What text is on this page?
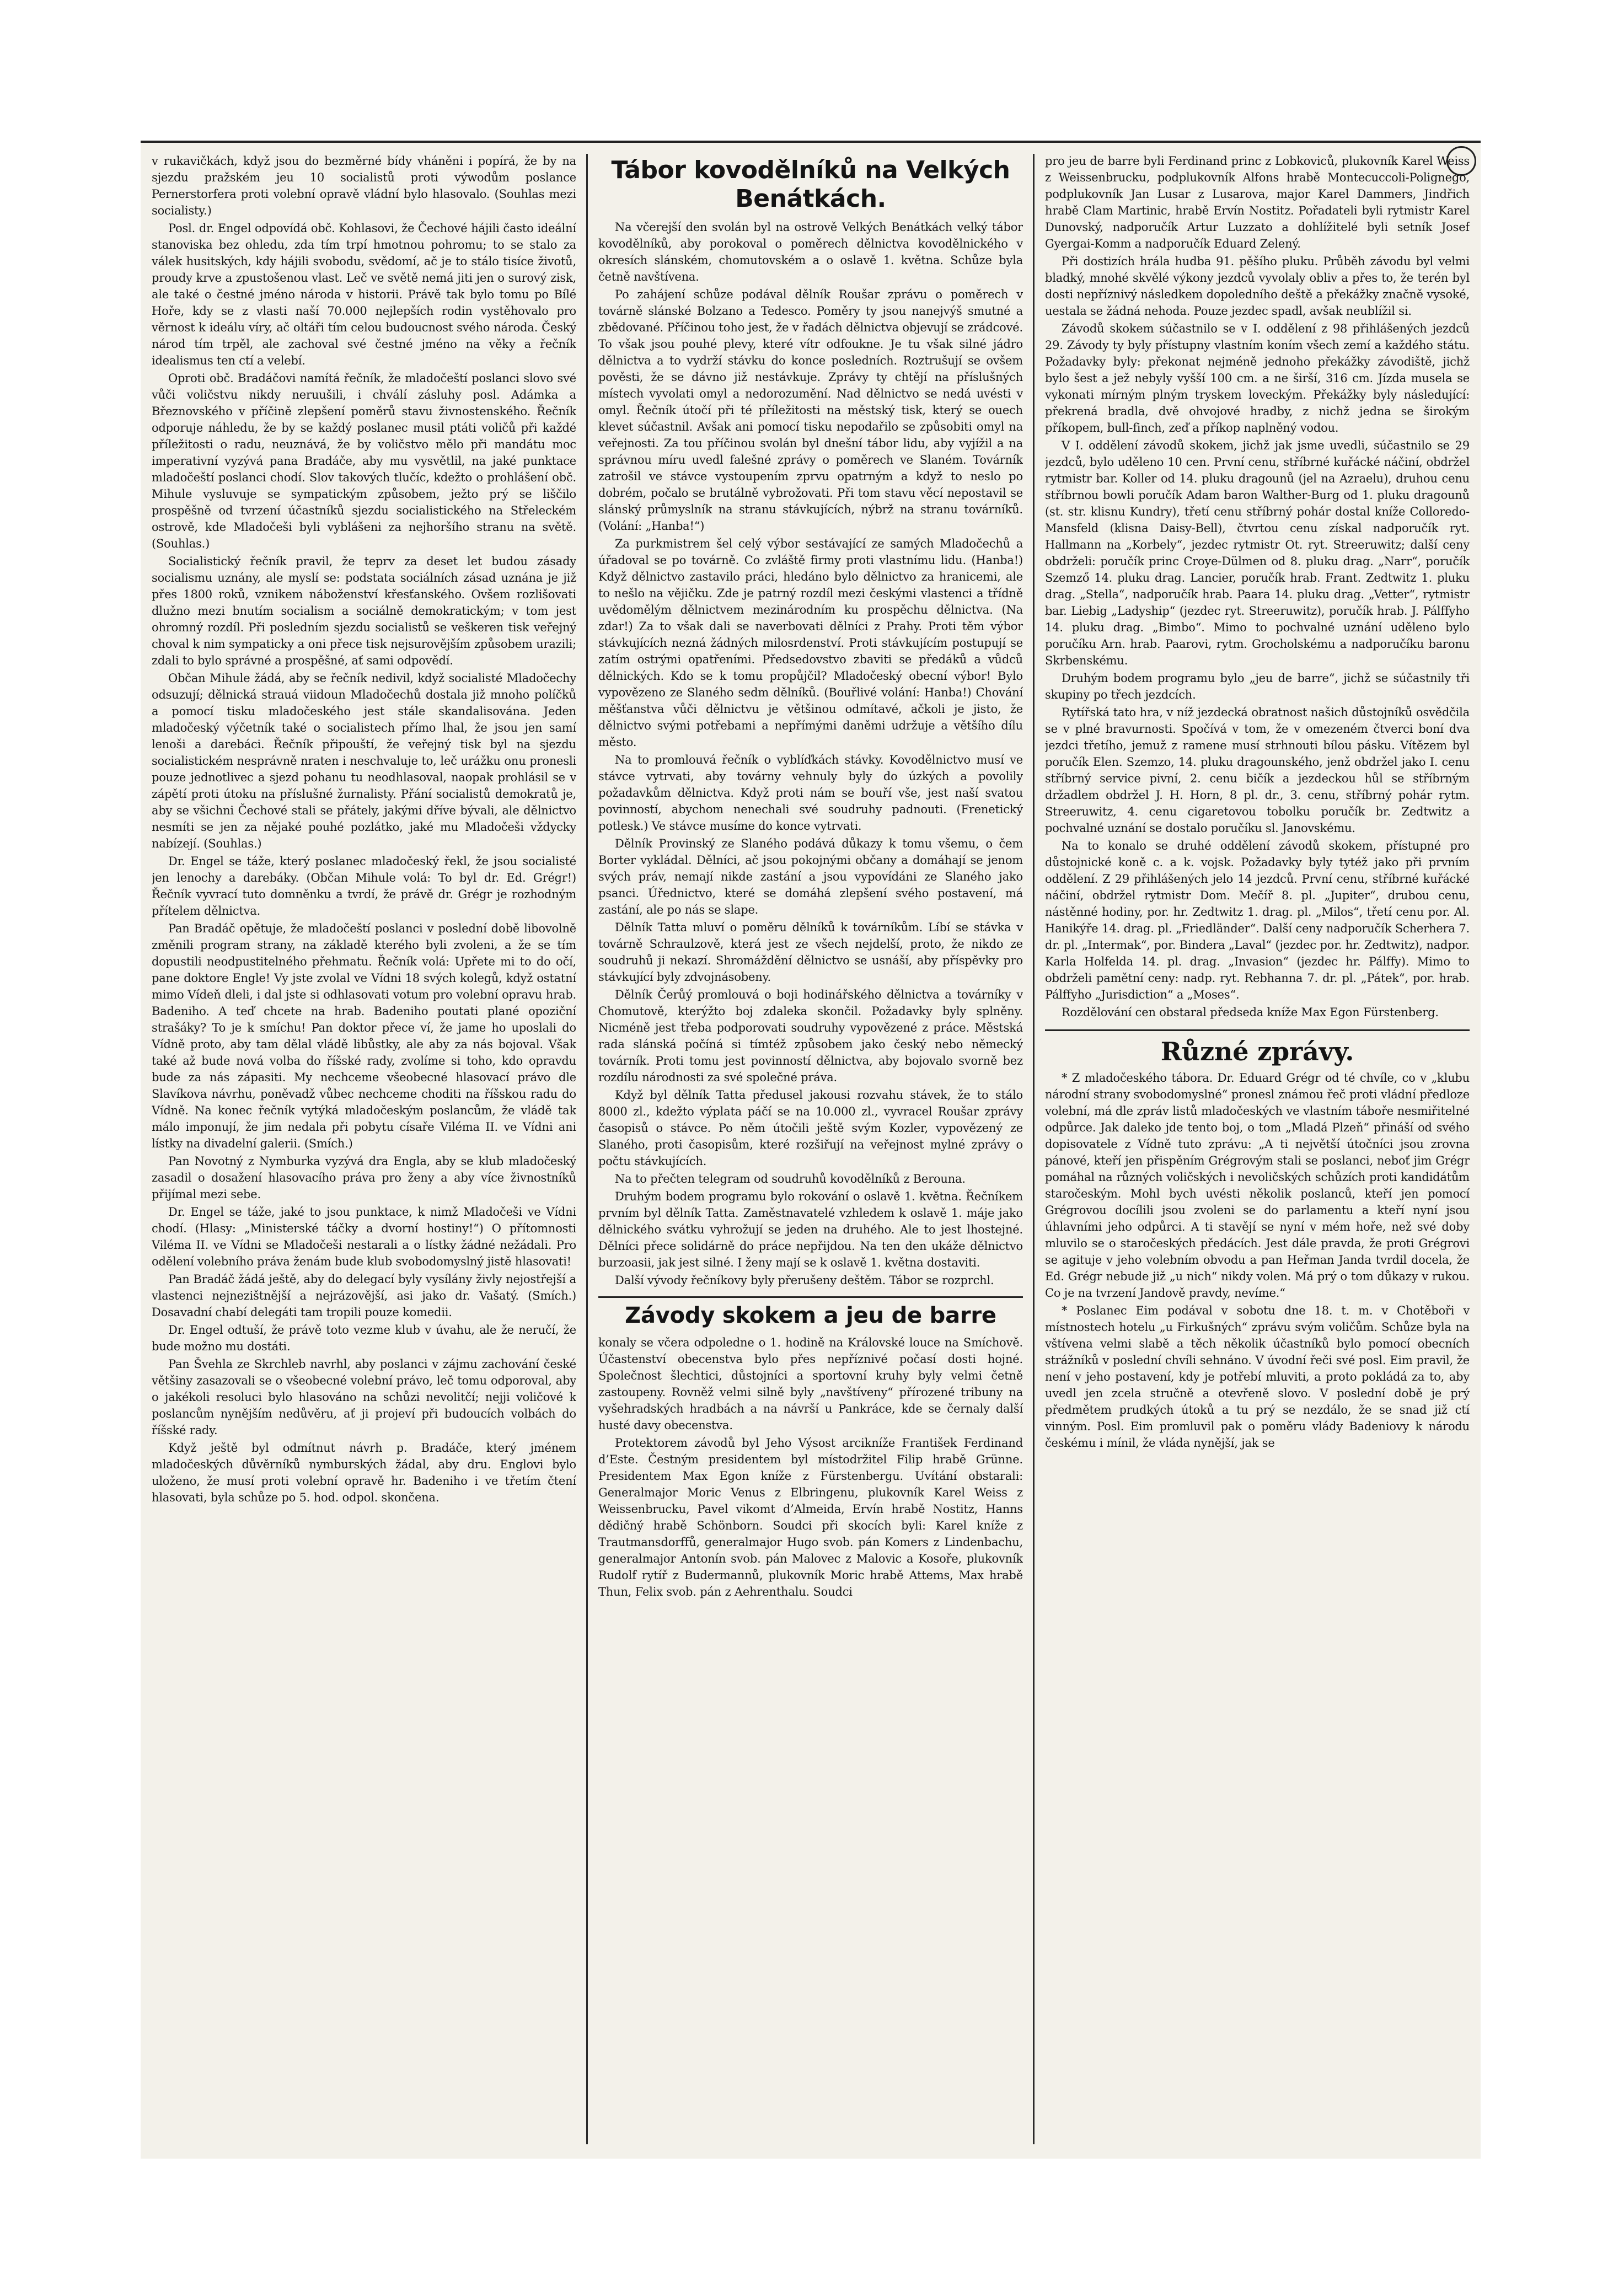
v rukavičkách, když jsou do bezměrné bídy vháněni i popírá, že by na sjezdu pražském jeu 10 socialistů proti výwodům poslance Pernerstorfera proti volební opravě vládní bylo hlasovalo. (Souhlas mezi socialisty.)

Posl. dr. Engel odpovídá obč. Kohlasovi, že Čechové hájili často ideální stanoviska bez ohledu, zda tím trpí hmotnou pohromu; to se stalo za válek husitských, kdy hájili svobodu, svědomí, ač je to stálo tisíce životů, proudy krve a zpustošenou vlast. Leč ve světě nemá jiti jen o surový zisk, ale také o čestné jméno národa v historii. Právě tak bylo tomu po Bílé Hoře, kdy se z vlasti naší 70.000 nejlepších rodin vystěhovalo pro věrnost k ideálu víry, ač oltáři tím celou budoucnost svého národa. Český národ tím trpěl, ale zachoval své čestné jméno na věky a řečník idealismus ten ctí a velebí.

Oproti obč. Bradáčovi namítá řečník, že mladočeští poslanci slovo své vůči voličstvu nikdy neruušili, i chválí zásluhy posl. Adámka a Březnovského v příčině zlepšení poměrů stavu živnostenského. Řečník odporuje náhledu, že by se každý poslanec musil ptáti voličů při každé příležitosti o radu, neuznává, že by voličstvo mělo při mandátu moc imperativní vyzývá pana Bradáče, aby mu vysvětlil, na jaké punktace mladočeští poslanci chodí. Slov takových tlučíc, kdežto o prohlášení obč. Mihule vysluvuje se sympatickým způsobem, ježto prý se liščilo prospěšně od tvrzení účastníků sjezdu socialistického na Střeleckém ostrově, kde Mladočeši byli vyblášeni za nejhoršího stranu na světě. (Souhlas.)

Socialistický řečník pravil, že teprv za deset let budou zásady socialismu uznány, ale myslí se: podstata sociálních zásad uznána je již přes 1800 roků, vznikem náboženství křesťanského. Ovšem rozlišovati dlužno mezi bnutím socialism a sociálně demokratickým; v tom jest ohromný rozdíl. Při posledním sjezdu socialistů se veškeren tisk veřejný choval k nim sympaticky a oni přece tisk nejsurovějším způsobem urazili; zdali to bylo správné a prospěšné, ať sami odpovědí.

Občan Mihule žádá, aby se řečník nedivil, když socialisté Mladočechy odsuzují; dělnická strauá viidoun Mladočechů dostala již mnoho políčků a pomocí tisku mladočeského jest stále skandalisována. Jeden mladočeský výčetník také o socialistech přímo lhal, že jsou jen samí lenoši a darebáci. Řečník připouští, že veřejný tisk byl na sjezdu socialistickém nesprávně nraten i neschvaluje to, leč urážku onu pronesli pouze jednotlivec a sjezd pohanu tu neodhlasoval, naopak prohlásil se v zápětí proti útoku na příslušné žurnalisty. Přání socialistů demokratů je, aby se všichni Čechové stali se přátely, jakými dříve bývali, ale dělnictvo nesmíti se jen za nějaké pouhé pozlátko, jaké mu Mladočeši vždycky nabízejí. (Souhlas.)

Dr. Engel se táže, který poslanec mladočeský řekl, že jsou socialisté jen lenochy a darebáky. (Občan Mihule volá: To byl dr. Ed. Grégr!) Řečník vyvrací tuto domněnku a tvrdí, že právě dr. Grégr je rozhodným přítelem dělnictva.

Pan Bradáč opětuje, že mladočeští poslanci v poslední době libovolně změnili program strany, na základě kterého byli zvoleni, a že se tím dopustili neodpustitelného přehmatu. Řečník volá: Upřete mi to do očí, pane doktore Engle! Vy jste zvolal ve Vídni 18 svých kolegů, když ostatní mimo Vídeň dleli, i dal jste si odhlasovati votum pro volební opravu hrab. Badeniho. A teď chcete na hrab. Badeniho poutati plané opoziční strašáky? To je k smíchu! Pan doktor přece ví, že jame ho uposlali do Vídně proto, aby tam dělal vládě libůstky, ale aby za nás bojoval. Však také až bude nová volba do říšské rady, zvolíme si toho, kdo opravdu bude za nás zápasiti. My nechceme všeobecné hlasovací právo dle Slavíkova návrhu, poněvadž vůbec nechceme choditi na říšskou radu do Vídně. Na konec řečník vytýká mladočeským poslancům, že vládě tak málo imponují, že jim nedala při pobytu císaře Viléma II. ve Vídni ani lístky na divadelní galerii. (Smích.)

Pan Novotný z Nymburka vyzývá dra Engla, aby se klub mladočeský zasadil o dosažení hlasovacího práva pro ženy a aby více živnostníků přijímal mezi sebe.

Dr. Engel se táže, jaké to jsou punktace, k nimž Mladočeši ve Vídni chodí. (Hlasy: „Ministerské táčky a dvorní hostiny!“) O přítomnosti Viléma II. ve Vídni se Mladočeši nestarali a o lístky žádné nežádali. Pro odělení volebního práva ženám bude klub svobodomyslný jistě hlasovati!

Pan Bradáč žádá ještě, aby do delegací byly vysílány živly nejostřejší a vlastenci nejnezištnější a nejrázovější, asi jako dr. Vašatý. (Smích.) Dosavadní chabí delegáti tam tropili pouze komedii.

Dr. Engel odtuší, že právě toto vezme klub v úvahu, ale že neručí, že bude možno mu dostáti.

Pan Švehla ze Skrchleb navrhl, aby poslanci v zájmu zachování české většiny zasazovali se o všeobecné volební právo, leč tomu odporoval, aby o jakékoli resoluci bylo hlasováno na schůzi nevolitčí; nejji voličové k poslancům nynějším nedůvěru, ať ji projeví při budoucích volbách do říšské rady.

Když ještě byl odmítnut návrh p. Bradáče, který jménem mladočeských důvěrníků nymburských žádal, aby dru. Englovi bylo uloženo, že musí proti volební opravě hr. Badeniho i ve třetím čtení hlasovati, byla schůze po 5. hod. odpol. skončena.

Tábor kovodělníků na Velkých Benátkách.

Na včerejší den svolán byl na ostrově Velkých Benátkách velký tábor kovodělníků, aby porokoval o poměrech dělnictva kovodělnického v okresích slánském, chomutovském a o oslavě 1. května. Schůze byla četně navštívena.

Po zahájení schůze podával dělník Roušar zprávu o poměrech v továrně slánské Bolzano a Tedesco. Poměry ty jsou nanejvýš smutné a zbědované. Příčinou toho jest, že v řadách dělnictva objevují se zrádcové. To však jsou pouhé plevy, které vítr odfoukne. Je tu však silné jádro dělnictva a to vydrží stávku do konce posledních. Roztrušují se ovšem pověsti, že se dávno již nestávkuje. Zprávy ty chtějí na příslušných místech vyvolati omyl a nedorozumění. Nad dělnictvo se nedá uvésti v omyl. Řečník útočí při té příležitosti na městský tisk, který se ouech klevet súčastnil. Avšak ani pomocí tisku nepodařilo se způsobiti omyl na veřejnosti. Za tou příčinou svolán byl dnešní tábor lidu, aby vyjížil a na správnou míru uvedl falešné zprávy o poměrech ve Slaném. Továrník zatrošil ve stávce vystoupením zprvu opatrným a když to neslo po dobrém, počalo se brutálně vybrožovati. Při tom stavu věcí nepostavil se slánský průmyslník na stranu stávkujících, nýbrž na stranu továrníků. (Volání: „Hanba!“)

Za purkmistrem šel celý výbor sestávající ze samých Mladočechů a úřadoval se po továrně. Co zvláště firmy proti vlastnímu lidu. (Hanba!) Když dělnictvo zastavilo práci, hledáno bylo dělnictvo za hranicemi, ale to nešlo na vějičku. Zde je patrný rozdíl mezi českými vlastenci a třídně uvědomělým dělnictvem mezinárodním ku prospěchu dělnictva. (Na zdar!) Za to však dali se naverbovati dělníci z Prahy. Proti těm výbor stávkujících nezná žádných milosrdenství. Proti stávkujícím postupují se zatím ostrými opatřeními. Předsedovstvo zbaviti se předáků a vůdců dělnických. Kdo se k tomu propůjčil? Mladočeský obecní výbor! Bylo vypovězeno ze Slaného sedm dělníků. (Bouřlivé volání: Hanba!) Chování měšťanstva vůči dělnictvu je většinou odmítavé, ačkoli je jisto, že dělnictvo svými potřebami a nepřímými daněmi udržuje a většího dílu město.

Na to promlouvá řečník o vyblíďkách stávky. Kovodělnictvo musí ve stávce vytrvati, aby továrny vehnuly byly do úzkých a povolily požadavkům dělnictva. Když proti nám se bouří vše, jest naší svatou povinností, abychom nenechali své soudruhy padnouti. (Frenetický potlesk.) Ve stávce musíme do konce vytrvati.

Dělník Provinský ze Slaného podává důkazy k tomu všemu, o čem Borter vykládal. Dělníci, ač jsou pokojnými občany a domáhají se jenom svých práv, nemají nikde zastání a jsou vypovídáni ze Slaného jako psanci. Úřednictvo, které se domáhá zlepšení svého postavení, má zastání, ale po nás se slape.

Dělník Tatta mluví o poměru dělníků k továrníkům. Líbí se stávka v továrně Schraulzově, která jest ze všech nejdelší, proto, že nikdo ze soudruhů ji nekazí. Shromáždění dělnictvo se usnáší, aby příspěvky pro stávkující byly zdvojnásobeny.

Dělník Čerůý promlouvá o boji hodinářského dělnictva a továrníky v Chomutově, kterýžto boj zdaleka skončil. Požadavky byly splněny. Nicméně jest třeba podporovati soudruhy vypovězené z práce. Městská rada slánská počíná si tímtéž způsobem jako český nebo německý továrník. Proti tomu jest povinností dělnictva, aby bojovalo svorně bez rozdílu národnosti za své společné práva.

Když byl dělník Tatta předusel jakousi rozvahu stávek, že to stálo 8000 zl., kdežto výplata páčí se na 10.000 zl., vyvracel Roušar zprávy časopisů o stávce. Po něm útočili ještě svým Kozler, vypovězený ze Slaného, proti časopisům, které rozšiřují na veřejnost mylné zprávy o počtu stávkujících.

Na to přečten telegram od soudruhů kovodělníků z Berouna.

Druhým bodem programu bylo rokování o oslavě 1. května. Řečníkem prvním byl dělník Tatta. Zaměstnavatelé vzhledem k oslavě 1. máje jako dělnického svátku vyhrožují se jeden na druhého. Ale to jest lhostejné. Dělníci přece solidárně do práce nepřijdou. Na ten den ukáže dělnictvo burzoasii, jak jest silné. I ženy mají se k oslavě 1. května dostaviti.

Další vývody řečníkovy byly přerušeny deštěm. Tábor se rozprchl.

Závody skokem a jeu de barre

konaly se včera odpoledne o 1. hodině na Královské louce na Smíchově. Účastenství obecenstva bylo přes nepříznivé počasí dosti hojné. Společnost šlechtici, důstojníci a sportovní kruhy byly velmi četně zastoupeny. Rovněž velmi silně byly „navštíveny“ přírozené tribuny na vyšehradských hradbách a na návrší u Pankráce, kde se černaly další husté davy obecenstva.

Protektorem závodů byl Jeho Výsost arcikníže František Ferdinand d’Este. Čestným presidentem byl místodržitel Filip hrabě Grünne. Presidentem Max Egon kníže z Fürstenbergu. Uvítání obstarali: Generalmajor Moric Venus z Elbringenu, plukovník Karel Weiss z Weissenbrucku, Pavel vikomt d’Almeida, Ervín hrabě Nostitz, Hanns dědičný hrabě Schönborn. Soudci při skocích byli: Karel kníže z Trautmansdorffů, generalmajor Hugo svob. pán Komers z Lindenbachu, generalmajor Antonín svob. pán Malovec z Malovic a Kosoře, plukovník Rudolf rytíř z Budermannů, plukovník Moric hrabě Attems, Max hrabě Thun, Felix svob. pán z Aehrenthalu. Soudci

pro jeu de barre byli Ferdinand princ z Lobkoviců, plukovník Karel Weiss z Weissenbrucku, podplukovník Alfons hrabě Montecuccoli-Polignego, podplukovník Jan Lusar z Lusarova, major Karel Dammers, Jindřich hrabě Clam Martinic, hrabě Ervín Nostitz. Pořadateli byli rytmistr Karel Dunovský, nadporučík Artur Luzzato a dohlížitelé byli setník Josef Gyergai-Komm a nadporučík Eduard Zelený.

Při dostizích hrála hudba 91. pěšího pluku. Průběh závodu byl velmi bladký, mnohé skvělé výkony jezdců vyvolaly obliv a přes to, že terén byl dosti nepříznivý následkem dopoledního deště a překážky značně vysoké, uestala se žádná nehoda. Pouze jezdec spadl, avšak neublížil si.

Závodů skokem súčastnilo se v I. oddělení z 98 přihlášených jezdců 29. Závody ty byly přístupny vlastním koním všech zemí a každého státu. Požadavky byly: překonat nejméně jednoho překážky závodiště, jichž bylo šest a jež nebyly vyšší 100 cm. a ne širší, 316 cm. Jízda musela se vykonati mírným plným tryskem loveckým. Překážky byly následující: překrená bradla, dvě ohvojové hradby, z nichž jedna se širokým příkopem, bull-finch, zeď a příkop naplněný vodou.

V I. oddělení závodů skokem, jichž jak jsme uvedli, súčastnilo se 29 jezdců, bylo uděleno 10 cen. První cenu, stříbrné kuřácké náčiní, obdržel rytmistr bar. Koller od 14. pluku dragounů (jel na Azraelu), druhou cenu stříbrnou bowli poručík Adam baron Walther-Burg od 1. pluku dragounů (st. str. klisnu Kundry), třetí cenu stříbrný pohár dostal kníže Colloredo-Mansfeld (klisna Daisy-Bell), čtvrtou cenu získal nadporučík ryt. Hallmann na „Korbely“, jezdec rytmistr Ot. ryt. Streeruwitz; další ceny obdrželi: poručík princ Croye-Dülmen od 8. pluku drag. „Narr“, poručík Szemző 14. pluku drag. Lancier, poručík hrab. Frant. Zedtwitz 1. pluku drag. „Stella“, nadporučík hrab. Paara 14. pluku drag. „Vetter“, rytmistr bar. Liebig „Ladyship“ (jezdec ryt. Streeruwitz), poručík hrab. J. Pálffyho 14. pluku drag. „Bimbo“. Mimo to pochvalné uznání uděleno bylo poručíku Arn. hrab. Paarovi, rytm. Grocholskému a nadporučíku baronu Skrbenskému.

Druhým bodem programu bylo „jeu de barre“, jichž se súčastnily tři skupiny po třech jezdcích.

Rytířská tato hra, v níž jezdecká obratnost našich důstojníků osvědčila se v plné bravurnosti. Spočívá v tom, že v omezeném čtverci boní dva jezdci třetího, jemuž z ramene musí strhnouti bílou pásku. Vítězem byl poručík Elen. Szemzo, 14. pluku dragounského, jenž obdržel jako I. cenu stříbrný service pivní, 2. cenu bičík a jezdeckou hůl se stříbrným držadlem obdržel J. H. Horn, 8 pl. dr., 3. cenu, stříbrný pohár rytm. Streeruwitz, 4. cenu cigaretovou tobolku poručík br. Zedtwitz a pochvalné uznání se dostalo poručíku sl. Janovskému.

Na to konalo se druhé oddělení závodů skokem, přístupné pro důstojnické koně c. a k. vojsk. Požadavky byly tytéž jako při prvním oddělení. Z 29 přihlášených jelo 14 jezdců. První cenu, stříbrné kuřácké náčiní, obdržel rytmistr Dom. Mečíř 8. pl. „Jupiter“, drubou cenu, nástěnné hodiny, por. hr. Zedtwitz 1. drag. pl. „Milos“, třetí cenu por. Al. Hanikýře 14. drag. pl. „Friedländer“. Další ceny nadporučík Scherhera 7. dr. pl. „Intermak“, por. Bindera „Laval“ (jezdec por. hr. Zedtwitz), nadpor. Karla Holfelda 14. pl. drag. „Invasion“ (jezdec hr. Pálffy). Mimo to obdrželi pamětní ceny: nadp. ryt. Rebhanna 7. dr. pl. „Pátek“, por. hrab. Pálffyho „Jurisdiction“ a „Moses“.

Rozdělování cen obstaral předseda kníže Max Egon Fürstenberg.

Různé zprávy.

* Z mladočeského tábora. Dr. Eduard Grégr od té chvíle, co v „klubu národní strany svobodomyslné“ pronesl známou řeč proti vládní předloze volební, má dle zpráv listů mladočeských ve vlastním táboře nesmiřitelné odpůrce. Jak daleko jde tento boj, o tom „Mladá Plzeň“ přináší od svého dopisovatele z Vídně tuto zprávu: „A ti největší útočníci jsou zrovna pánové, kteří jen přispěním Grégrovým stali se poslanci, neboť jim Grégr pomáhal na různých voličských i nevoličských schůzích proti kandidátům staročeským. Mohl bych uvésti několik poslanců, kteří jen pomocí Grégrovou docílili jsou zvoleni se do parlamentu a kteří nyní jsou úhlavními jeho odpůrci. A ti stavějí se nyní v mém hoře, než své doby mluvilo se o staročeských předácích. Jest dále pravda, že proti Grégrovi se agituje v jeho volebním obvodu a pan Heřman Janda tvrdil docela, že Ed. Grégr nebude již „u nich“ nikdy volen. Má prý o tom důkazy v rukou. Co je na tvrzení Jandově pravdy, nevíme.“

* Poslanec Eim podával v sobotu dne 18. t. m. v Chotěboři v místnostech hotelu „u Firkušných“ zprávu svým voličům. Schůze byla na vštívena velmi slabě a těch několik účastníků bylo pomocí obecních strážníků v poslední chvíli sehnáno. V úvodní řeči své posl. Eim pravil, že není v jeho postavení, kdy je potřebí mluviti, a proto pokládá za to, aby uvedl jen zcela stručně a otevřeně slovo. V poslední době je prý předmětem prudkých útoků a tu prý se nezdálo, že se snad již ctí vinným. Posl. Eim promluvil pak o poměru vlády Badeniovy k národu českému i mínil, že vláda nynější, jak se
